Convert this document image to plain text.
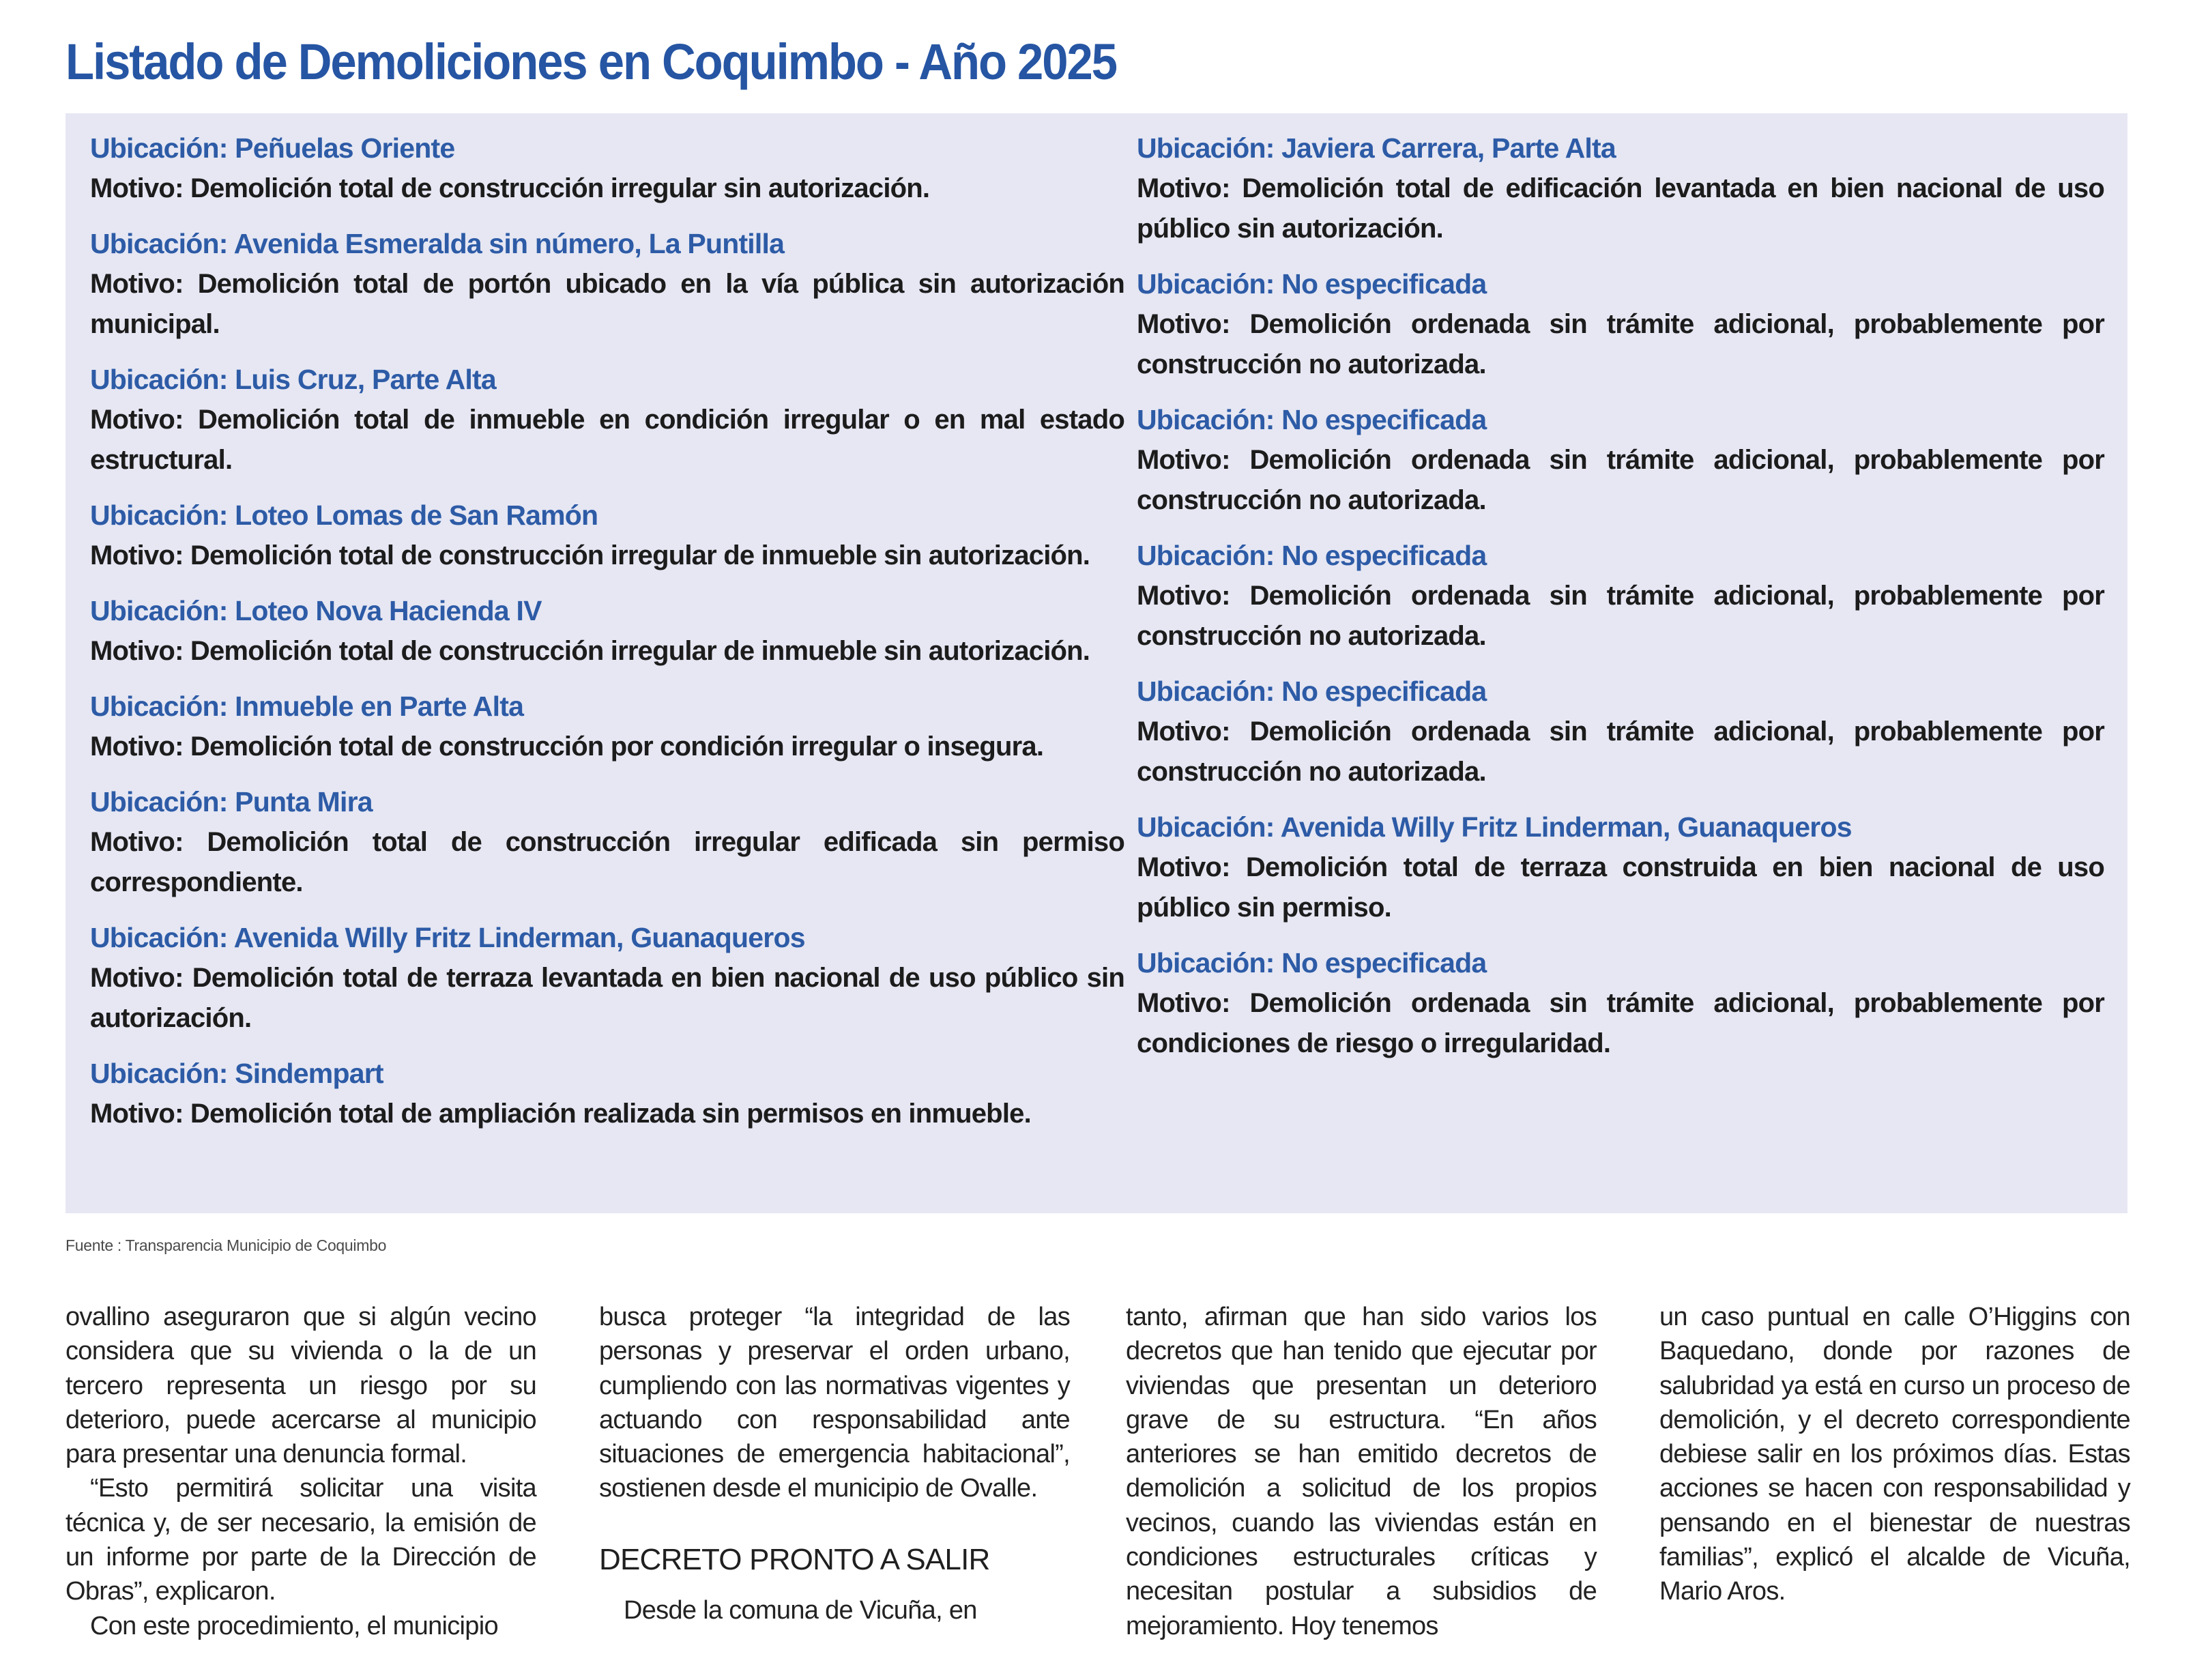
Listado de Demoliciones en Coquimbo - Año 2025
Ubicación: Peñuelas Oriente
Motivo: Demolición total de construcción irregular sin autorización.
Ubicación: Avenida Esmeralda sin número, La Puntilla
Motivo: Demolición total de portón ubicado en la vía pública sin autorización municipal.
Ubicación: Luis Cruz, Parte Alta
Motivo: Demolición total de inmueble en condición irregular o en mal estado estructural.
Ubicación: Loteo Lomas de San Ramón
Motivo: Demolición total de construcción irregular de inmueble sin autorización.
Ubicación: Loteo Nova Hacienda IV
Motivo: Demolición total de construcción irregular de inmueble sin autorización.
Ubicación: Inmueble en Parte Alta
Motivo: Demolición total de construcción por condición irregular o insegura.
Ubicación: Punta Mira
Motivo: Demolición total de construcción irregular edificada sin permiso correspondiente.
Ubicación: Avenida Willy Fritz Linderman, Guanaqueros
Motivo: Demolición total de terraza levantada en bien nacional de uso público sin autorización.
Ubicación: Sindempart
Motivo: Demolición total de ampliación realizada sin permisos en inmueble.
Ubicación: Javiera Carrera, Parte Alta
Motivo: Demolición total de edificación levantada en bien nacional de uso público sin autorización.
Ubicación: No especificada
Motivo: Demolición ordenada sin trámite adicional, probablemente por construcción no autorizada.
Ubicación: No especificada
Motivo: Demolición ordenada sin trámite adicional, probablemente por construcción no autorizada.
Ubicación: No especificada
Motivo: Demolición ordenada sin trámite adicional, probablemente por construcción no autorizada.
Ubicación: No especificada
Motivo: Demolición ordenada sin trámite adicional, probablemente por construcción no autorizada.
Ubicación: Avenida Willy Fritz Linderman, Guanaqueros
Motivo: Demolición total de terraza construida en bien nacional de uso público sin permiso.
Ubicación: No especificada
Motivo: Demolición ordenada sin trámite adicional, probablemente por condiciones de riesgo o irregularidad.
Fuente : Transparencia Municipio de Coquimbo

ovallino aseguraron que si algún vecino considera que su vivienda o la de un tercero representa un riesgo por su deterioro, puede acercarse al municipio para presentar una denuncia formal.

“Esto permitirá solicitar una visita técnica y, de ser necesario, la emisión de un informe por parte de la Dirección de Obras”, explicaron.

Con este procedimiento, el municipio

busca proteger “la integridad de las personas y preservar el orden urbano, cumpliendo con las normativas vigentes y actuando con responsabilidad ante situaciones de emergencia habitacional”, sostienen desde el municipio de Ovalle.

DECRETO PRONTO A SALIR

Desde la comuna de Vicuña, en

tanto, afirman que han sido varios los decretos que han tenido que ejecutar por viviendas que presentan un deterioro grave de su estructura. “En años anteriores se han emitido decretos de demolición a solicitud de los propios vecinos, cuando las viviendas están en condiciones estructurales críticas y necesitan postular a subsidios de mejoramiento. Hoy tenemos

un caso puntual en calle O’Higgins con Baquedano, donde por razones de salubridad ya está en curso un proceso de demolición, y el decreto correspondiente debiese salir en los próximos días. Estas acciones se hacen con responsabilidad y pensando en el bienestar de nuestras familias”, explicó el alcalde de Vicuña, Mario Aros.
